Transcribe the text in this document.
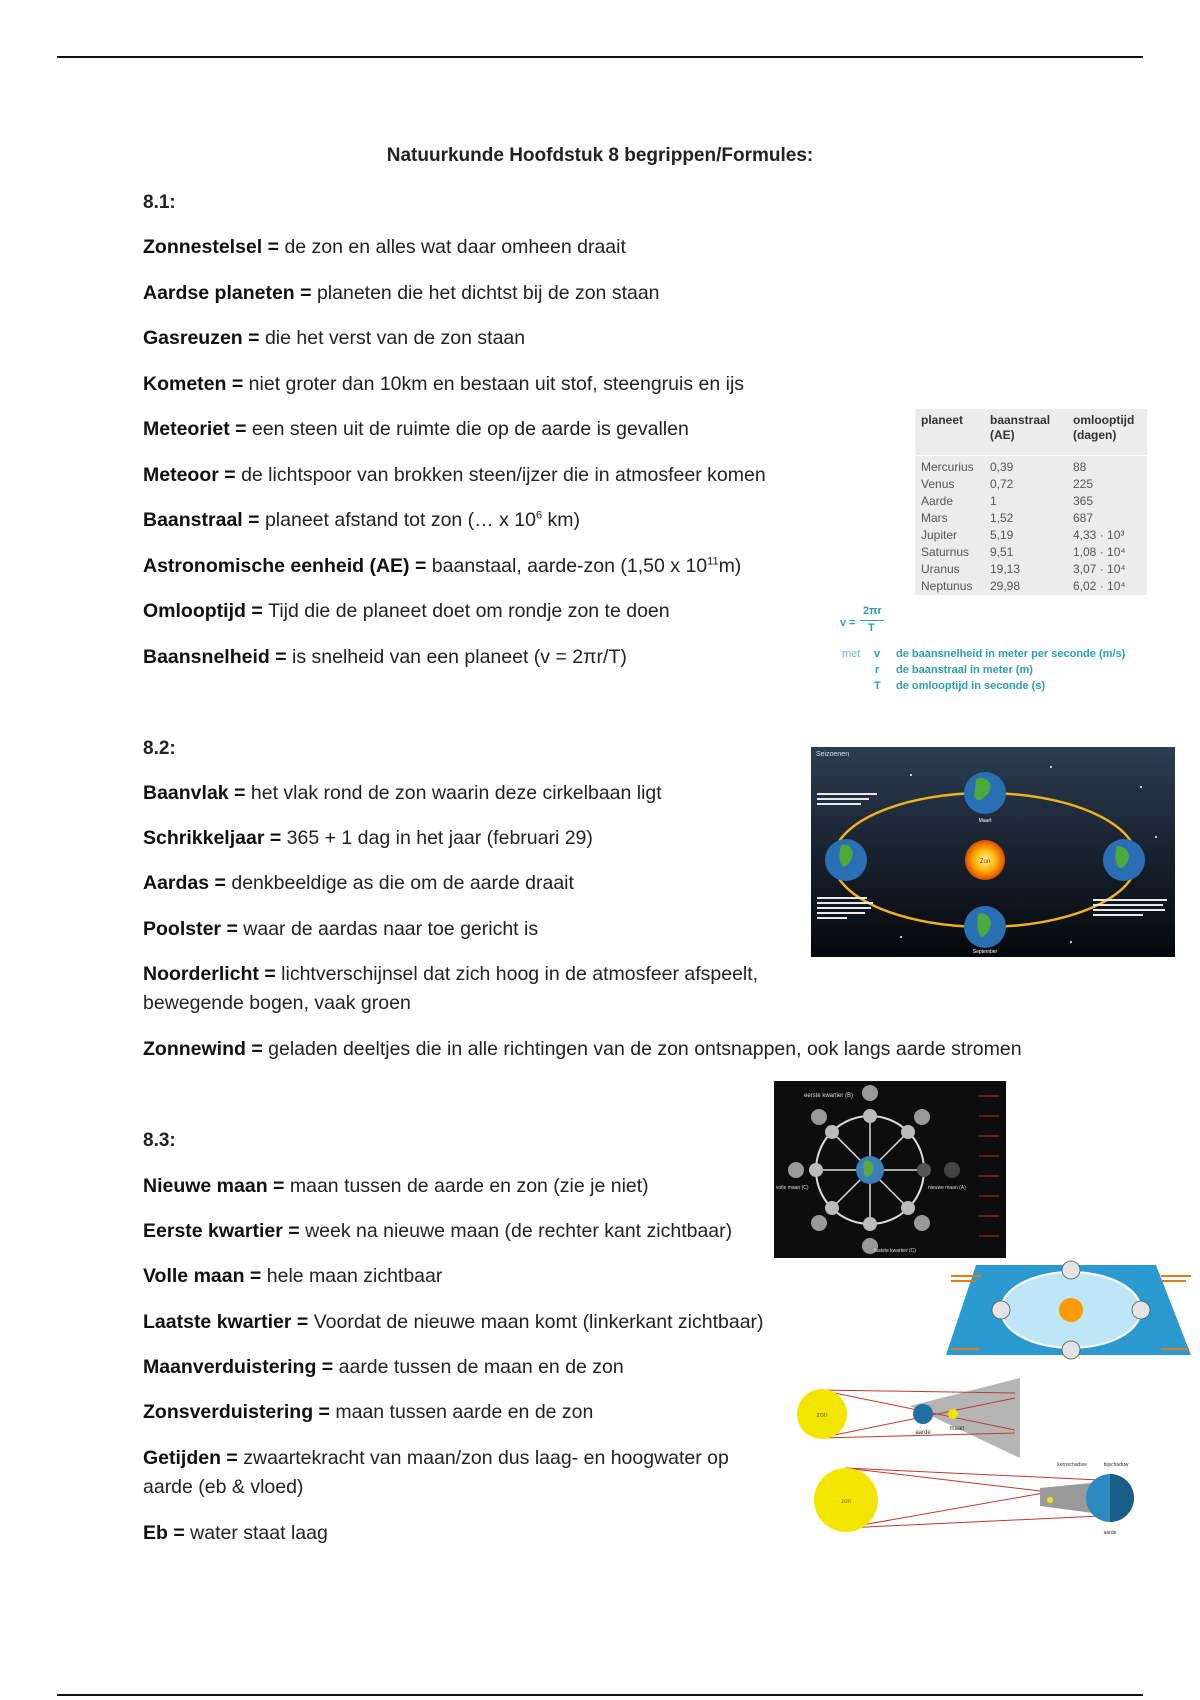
Natuurkunde Hoofdstuk 8 begrippen/Formules:
8.1:
Zonnestelsel = de zon en alles wat daar omheen draait
Aardse planeten = planeten die het dichtst bij de zon staan
Gasreuzen = die het verst van de zon staan
Kometen = niet groter dan 10km en bestaan uit stof, steengruis en ijs
Meteoriet = een steen uit de ruimte die op de aarde is gevallen
Meteoor = de lichtspoor van brokken steen/ijzer die in atmosfeer komen
Baanstraal = planeet afstand tot zon (… x $10^6$ km)
Astronomische eenheid (AE) = baanstaal, aarde-zon (1,50 x $10^{11}m$)
Omlooptijd = Tijd die de planeet doet om rondje zon te doen
Baansnelheid = is snelheid van een planeet (v = 2πr/T)
planeet baanstraal (AE)
omlooptijd (dagen)
Mercurius
Venus
Aarde
Mars
Jupiter
Saturnus
Uranus
Neptunus
0,39
0,72
1
1,52
5,19
9,51
19,13
29,98
88
225
365
687
4,33 · 10³
1,08 · 10⁴
3,07 · 10⁴
6,02 · 10⁴
v =
2πr
T
met v de baansnelheid in meter per seconde (m/s)
r de baanstraal in meter (m)
T de omlooptijd in seconde (s)
8.2:
Baanvlak = het vlak rond de zon waarin deze cirkelbaan ligt
Schrikkeljaar = 365 + 1 dag in het jaar (februari 29)
Aardas = denkbeeldige as die om de aarde draait
Poolster = waar de aardas naar toe gericht is
Noorderlicht = lichtverschijnsel dat zich hoog in de atmosfeer afspeelt, bewegende bogen, vaak groen
Zonnewind = geladen deeltjes die in alle richtingen van de zon ontsnappen, ook langs aarde stromen
Seizoenen
Zon
Maart
September
8.3:
Nieuwe maan = maan tussen de aarde en zon (zie je niet)
Eerste kwartier = week na nieuwe maan (de rechter kant zichtbaar)
Volle maan = hele maan zichtbaar
Laatste kwartier = Voordat de nieuwe maan komt (linkerkant zichtbaar)
Maanverduistering = aarde tussen de maan en de zon
Zonsverduistering = maan tussen aarde en de zon
Getijden = zwaartekracht van maan/zon dus laag- en hoogwater op aarde (eb & vloed)
Eb = water staat laag
eerste kwartier (B)
volle maan (C)	nieuwe maan (A)
laatste kwartier (C)
zon
aarde
maan
zon
kernschaduw	bijschaduw
aarde
